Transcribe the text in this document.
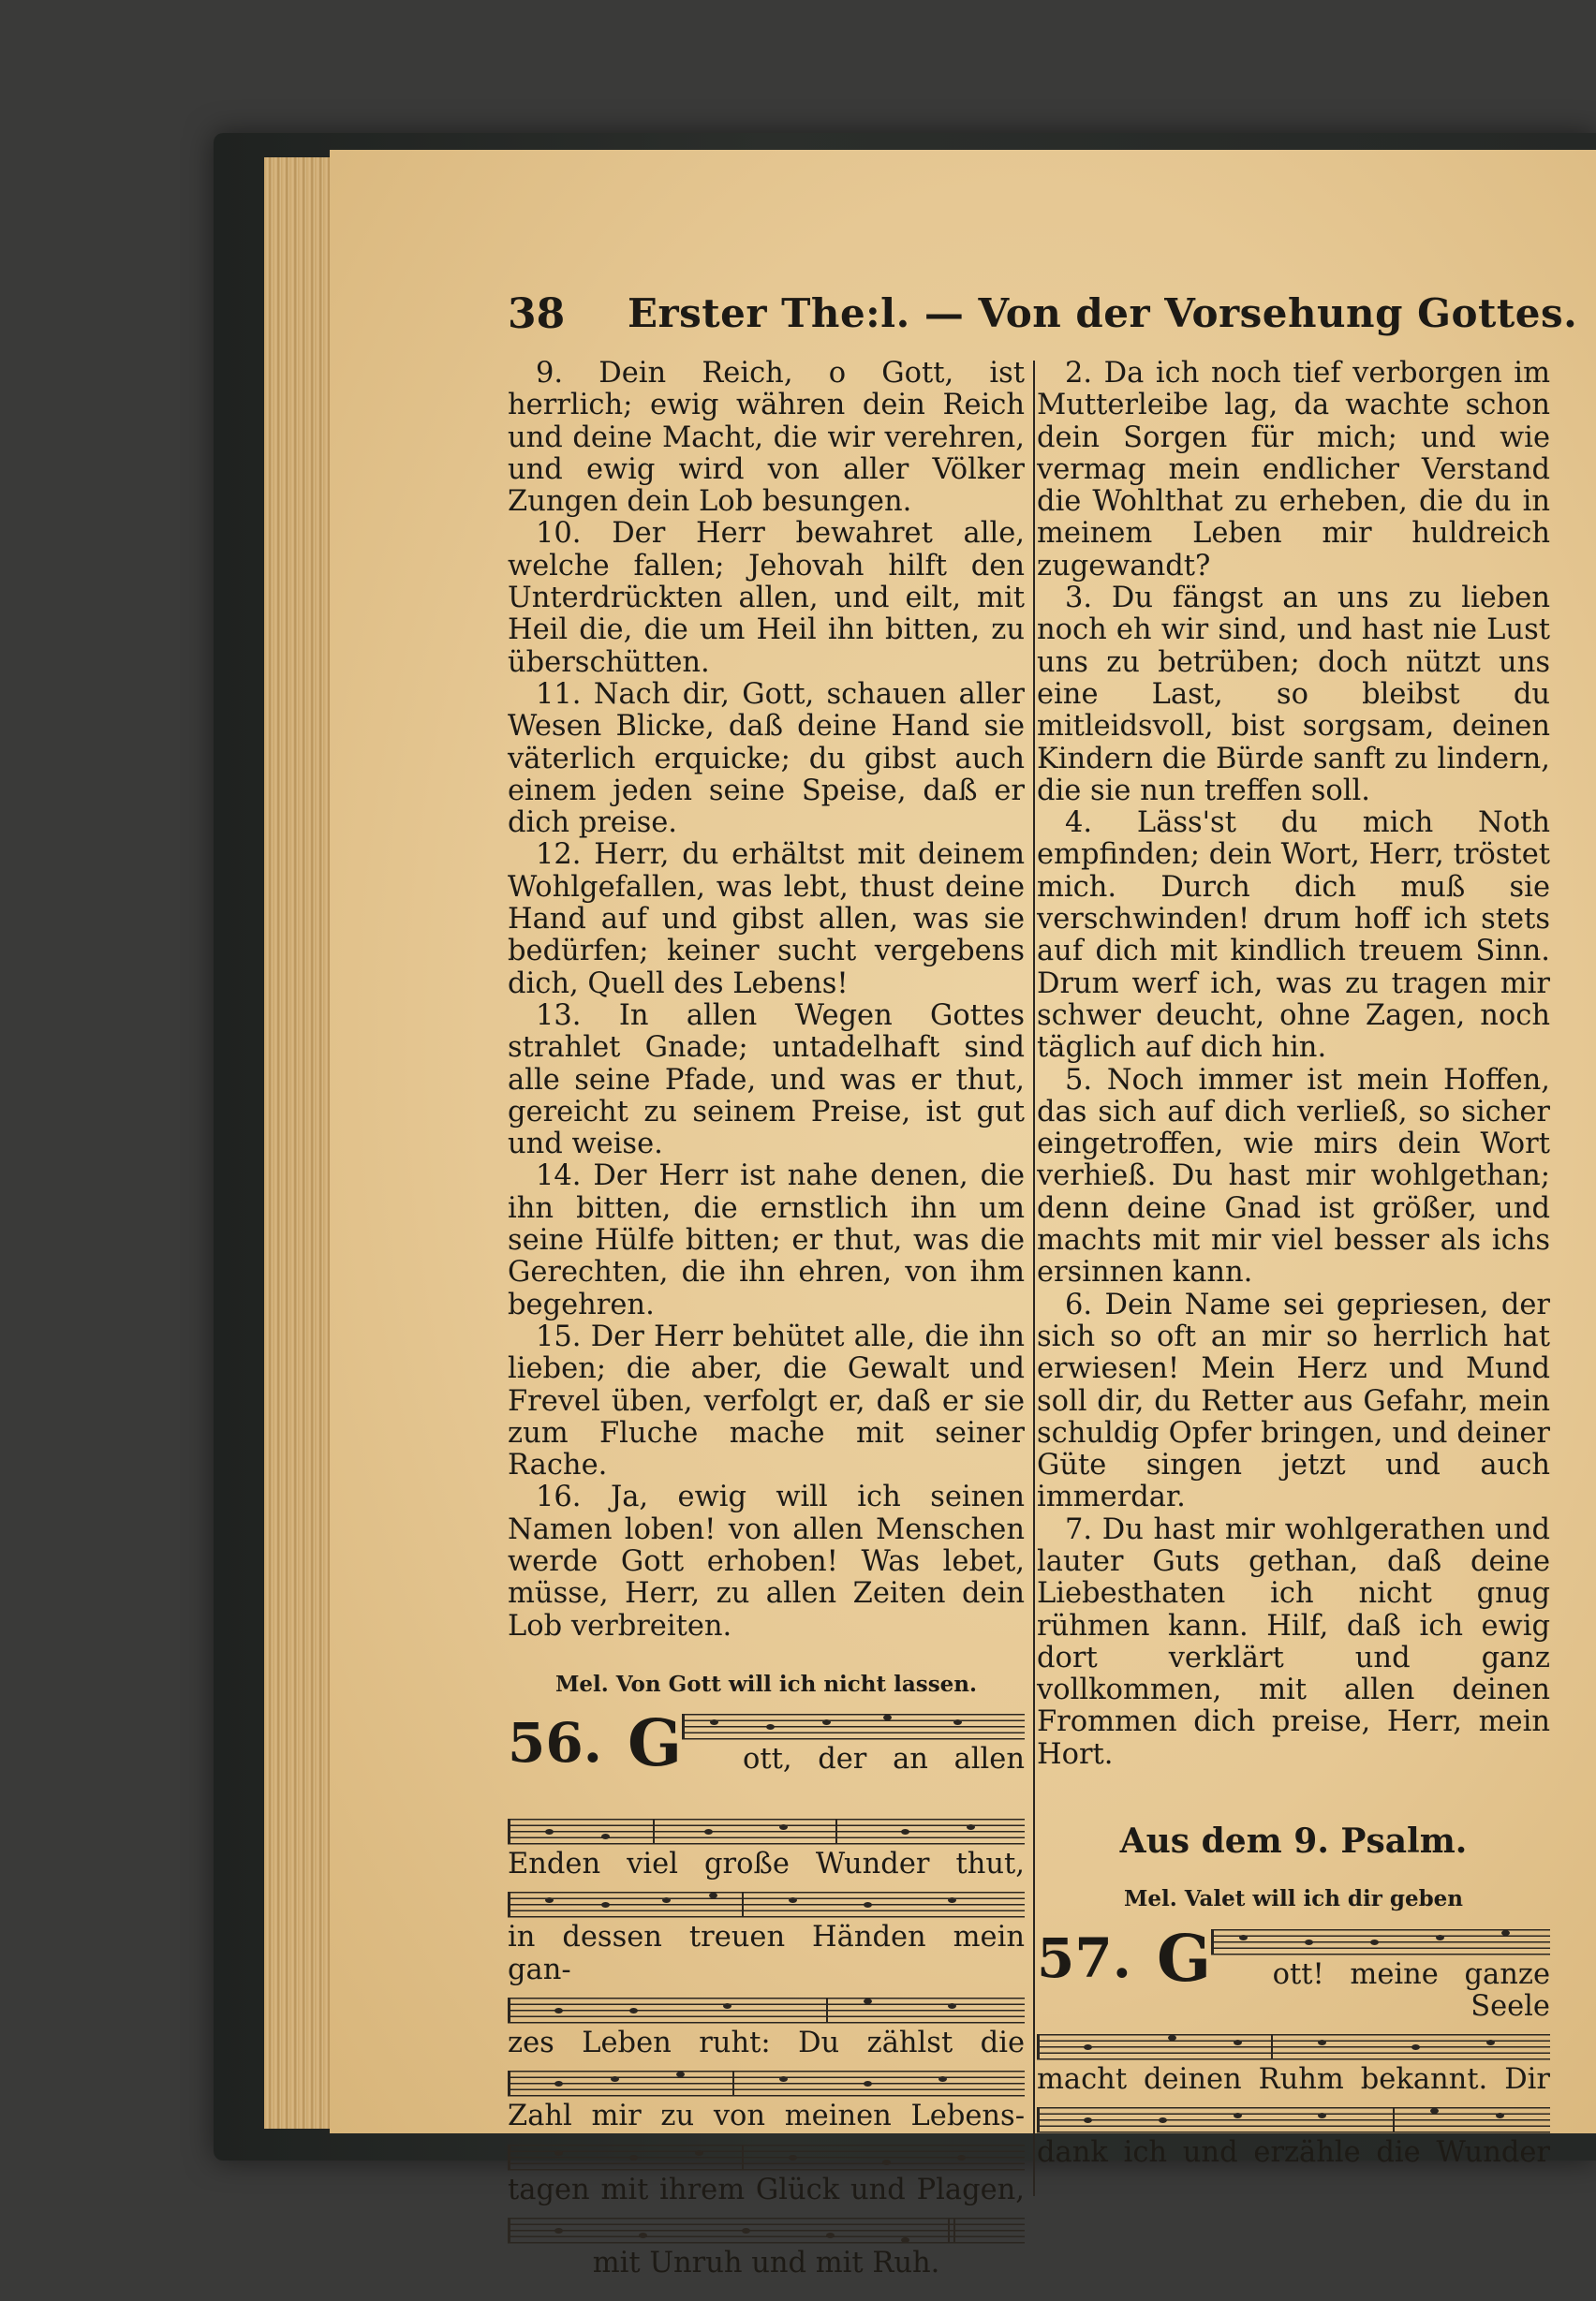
38 Erster The:l. — Von der Vorsehung Gottes.

9. Dein Reich, o Gott, ist herrlich; ewig währen dein Reich und deine Macht, die wir verehren, und ewig wird von aller Völker Zungen dein Lob besungen.

10. Der Herr bewahret alle, welche fallen; Jehovah hilft den Unterdrückten allen, und eilt, mit Heil die, die um Heil ihn bitten, zu überschütten.

11. Nach dir, Gott, schauen aller Wesen Blicke, daß deine Hand sie väterlich erquicke; du gibst auch einem jeden seine Speise, daß er dich preise.

12. Herr, du erhältst mit deinem Wohlgefallen, was lebt, thust deine Hand auf und gibst allen, was sie bedürfen; keiner sucht vergebens dich, Quell des Lebens!

13. In allen Wegen Gottes strahlet Gnade; untadelhaft sind alle seine Pfade, und was er thut, gereicht zu seinem Preise, ist gut und weise.

14. Der Herr ist nahe denen, die ihn bitten, die ernstlich ihn um seine Hülfe bitten; er thut, was die Gerechten, die ihn ehren, von ihm begehren.

15. Der Herr behütet alle, die ihn lieben; die aber, die Gewalt und Frevel üben, verfolgt er, daß er sie zum Fluche mache mit seiner Rache.

16. Ja, ewig will ich seinen Namen loben! von allen Menschen werde Gott erhoben! Was lebet, müsse, Herr, zu allen Zeiten dein Lob verbreiten.

Mel. Von Gott will ich nicht lassen.
56. G	ott, der an allen
Enden viel große Wunder thut,
in dessen treuen Händen mein gan-
zes Leben ruht: Du zählst die
Zahl mir zu von meinen Lebens-
tagen mit ihrem Glück und Plagen,
mit Unruh und mit Ruh.

2. Da ich noch tief verborgen im Mutterleibe lag, da wachte schon dein Sorgen für mich; und wie vermag mein endlicher Verstand die Wohlthat zu erheben, die du in meinem Leben mir huldreich zugewandt?

3. Du fängst an uns zu lieben noch eh wir sind, und hast nie Lust uns zu betrüben; doch nützt uns eine Last, so bleibst du mitleidsvoll, bist sorgsam, deinen Kindern die Bürde sanft zu lindern, die sie nun treffen soll.

4. Läss'st du mich Noth empfinden; dein Wort, Herr, tröstet mich. Durch dich muß sie verschwinden! drum hoff ich stets auf dich mit kindlich treuem Sinn. Drum werf ich, was zu tragen mir schwer deucht, ohne Zagen, noch täglich auf dich hin.

5. Noch immer ist mein Hoffen, das sich auf dich verließ, so sicher eingetroffen, wie mirs dein Wort verhieß. Du hast mir wohlgethan; denn deine Gnad ist größer, und machts mit mir viel besser als ichs ersinnen kann.

6. Dein Name sei gepriesen, der sich so oft an mir so herrlich hat erwiesen! Mein Herz und Mund soll dir, du Retter aus Gefahr, mein schuldig Opfer bringen, und deiner Güte singen jetzt und auch immerdar.

7. Du hast mir wohlgerathen und lauter Guts gethan, daß deine Liebesthaten ich nicht gnug rühmen kann. Hilf, daß ich ewig dort verklärt und ganz vollkommen, mit allen deinen Frommen dich preise, Herr, mein Hort.

Aus dem 9. Psalm.
Mel. Valet will ich dir geben
57. G	ott! meine ganze Seele
macht deinen Ruhm bekannt. Dir
dank ich und erzähle die Wunder
